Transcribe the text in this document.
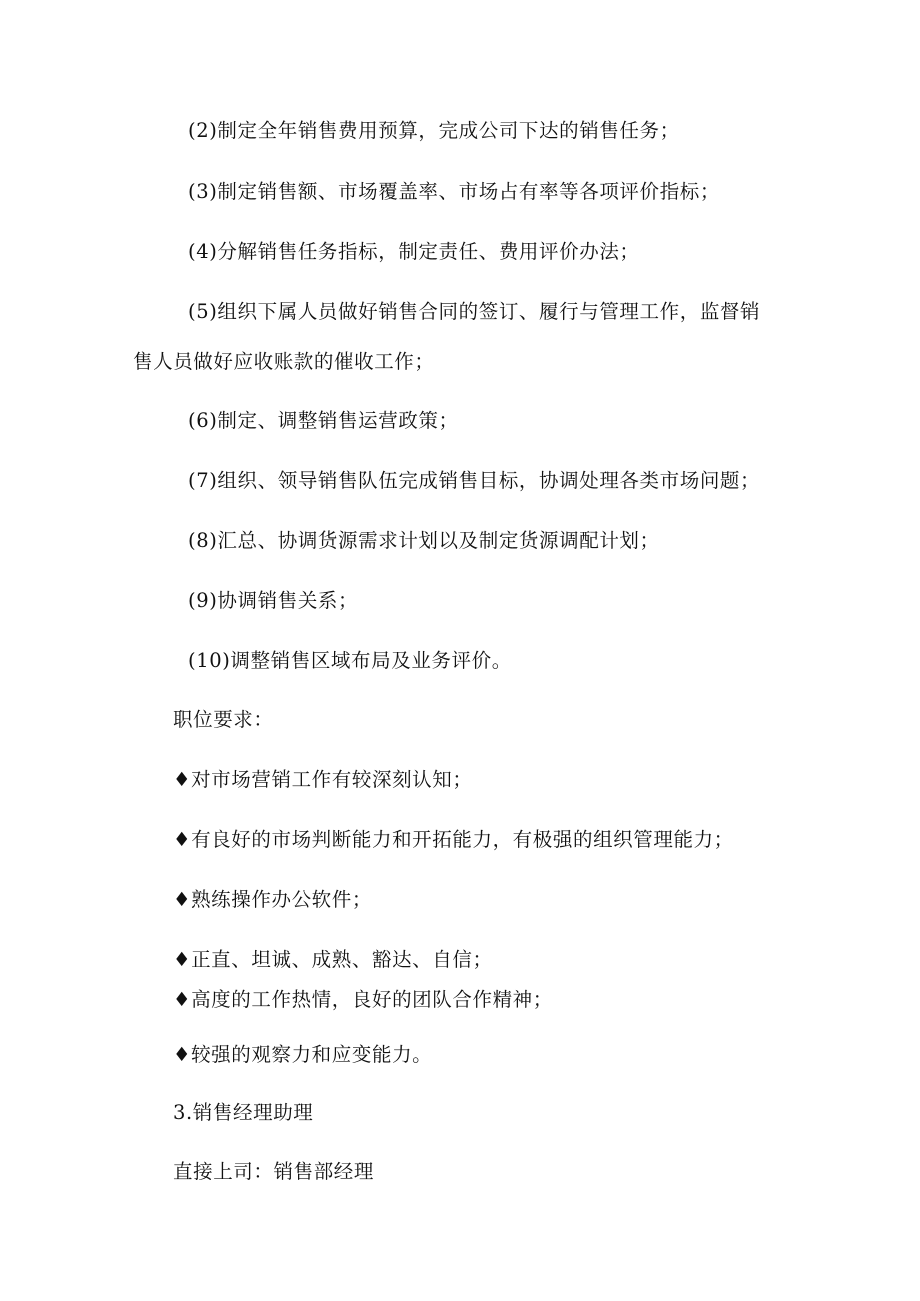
(2)制定全年销售费用预算，完成公司下达的销售任务；
(3)制定销售额、市场覆盖率、市场占有率等各项评价指标；
(4)分解销售任务指标，制定责任、费用评价办法；
(5)组织下属人员做好销售合同的签订、履行与管理工作，监督销
售人员做好应收账款的催收工作；
(6)制定、调整销售运营政策；
(7)组织、领导销售队伍完成销售目标，协调处理各类市场问题；
(8)汇总、协调货源需求计划以及制定货源调配计划；
(9)协调销售关系；
(10)调整销售区域布局及业务评价。
职位要求：
♦对市场营销工作有较深刻认知；
♦有良好的市场判断能力和开拓能力，有极强的组织管理能力；
♦熟练操作办公软件；
♦正直、坦诚、成熟、豁达、自信；
♦高度的工作热情，良好的团队合作精神；
♦较强的观察力和应变能力。
3.销售经理助理
直接上司：销售部经理
